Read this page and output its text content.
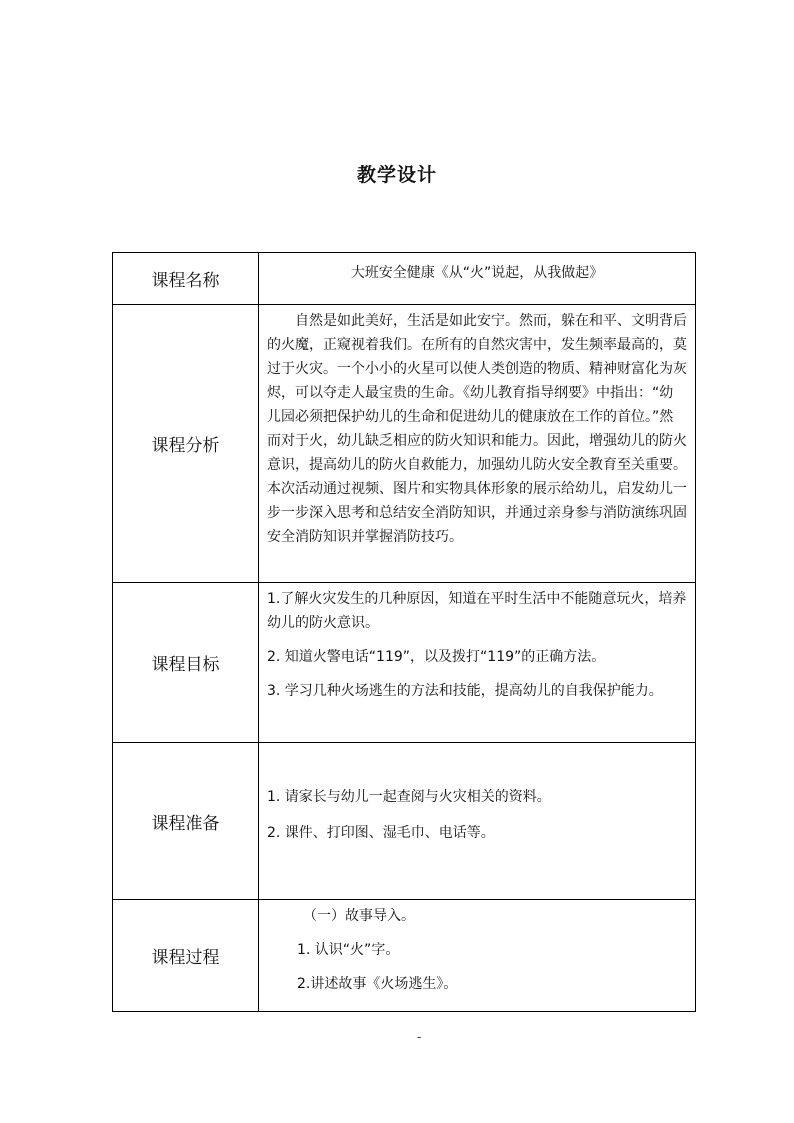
教学设计
课程名称	大班安全健康《从“火”说起，从我做起》

课程分析	自然是如此美好，生活是如此安宁。然而，躲在和平、文明背后的火魔，正窥视着我们。在所有的自然灾害中，发生频率最高的，莫过于火灾。一个小小的火星可以使人类创造的物质、精神财富化为灰烬，可以夺走人最宝贵的生命。《幼儿教育指导纲要》中指出：“幼儿园必须把保护幼儿的生命和促进幼儿的健康放在工作的首位。”然而对于火，幼儿缺乏相应的防火知识和能力。因此，增强幼儿的防火意识，提高幼儿的防火自救能力，加强幼儿防火安全教育至关重要。本次活动通过视频、图片和实物具体形象的展示给幼儿，启发幼儿一步一步深入思考和总结安全消防知识，并通过亲身参与消防演练巩固安全消防知识并掌握消防技巧。

课程目标	1.了解火灾发生的几种原因，知道在平时生活中不能随意玩火，培养幼儿的防火意识。

2. 知道火警电话“119”，以及拨打“119”的正确方法。

3. 学习几种火场逃生的方法和技能，提高幼儿的自我保护能力。

课程准备	1. 请家长与幼儿一起查阅与火灾相关的资料。

2. 课件、打印图、湿毛巾、电话等。

课程过程	（一）故事导入。

1. 认识“火”字。

2.讲述故事《火场逃生》。

-
